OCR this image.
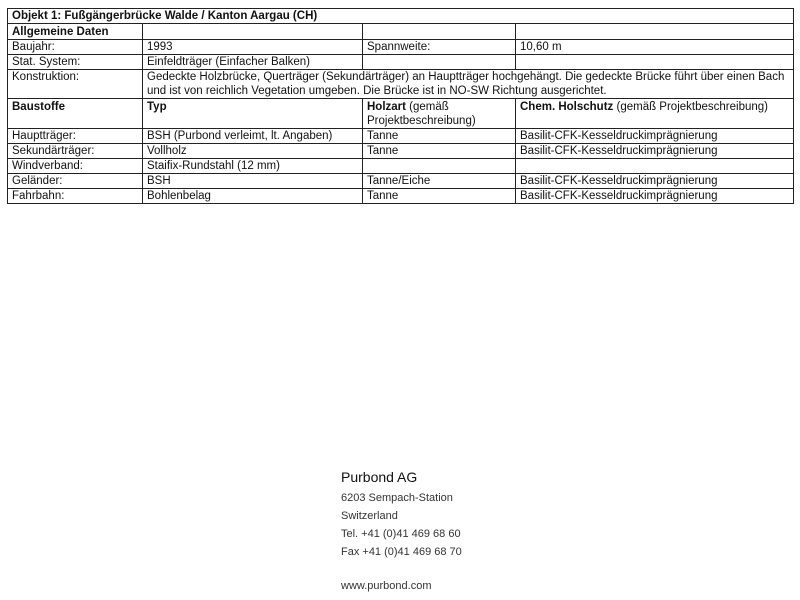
Objekt 1: Fußgängerbrücke Walde / Kanton Aargau (CH)			
Allgemeine Daten			
Baujahr:	1993	Spannweite:	10,60 m
Stat. System:	Einfeldträger (Einfacher Balken)		
Konstruktion:	Gedeckte Holzbrücke, Querträger (Sekundärträger) an Hauptträger hochgehängt. Die gedeckte Brücke führt über einen Bach und ist von reichlich Vegetation umgeben. Die Brücke ist in NO-SW Richtung ausgerichtet.		
Baustoffe	Typ	Holzart (gemäß Projektbeschreibung)	Chem. Holschutz (gemäß Projektbeschreibung)
Hauptträger:	BSH (Purbond verleimt, lt. Angaben)	Tanne	Basilit-CFK-Kesseldruckimprägnierung
Sekundärträger:	Vollholz	Tanne	Basilit-CFK-Kesseldruckimprägnierung
Windverband:	Staifix-Rundstahl (12 mm)		
Geländer:	BSH	Tanne/Eiche	Basilit-CFK-Kesseldruckimprägnierung
Fahrbahn:	Bohlenbelag	Tanne	Basilit-CFK-Kesseldruckimprägnierung
Purbond AG
6203 Sempach-Station
Switzerland
Tel. +41 (0)41 469 68 60
Fax +41 (0)41 469 68 70
www.purbond.com
